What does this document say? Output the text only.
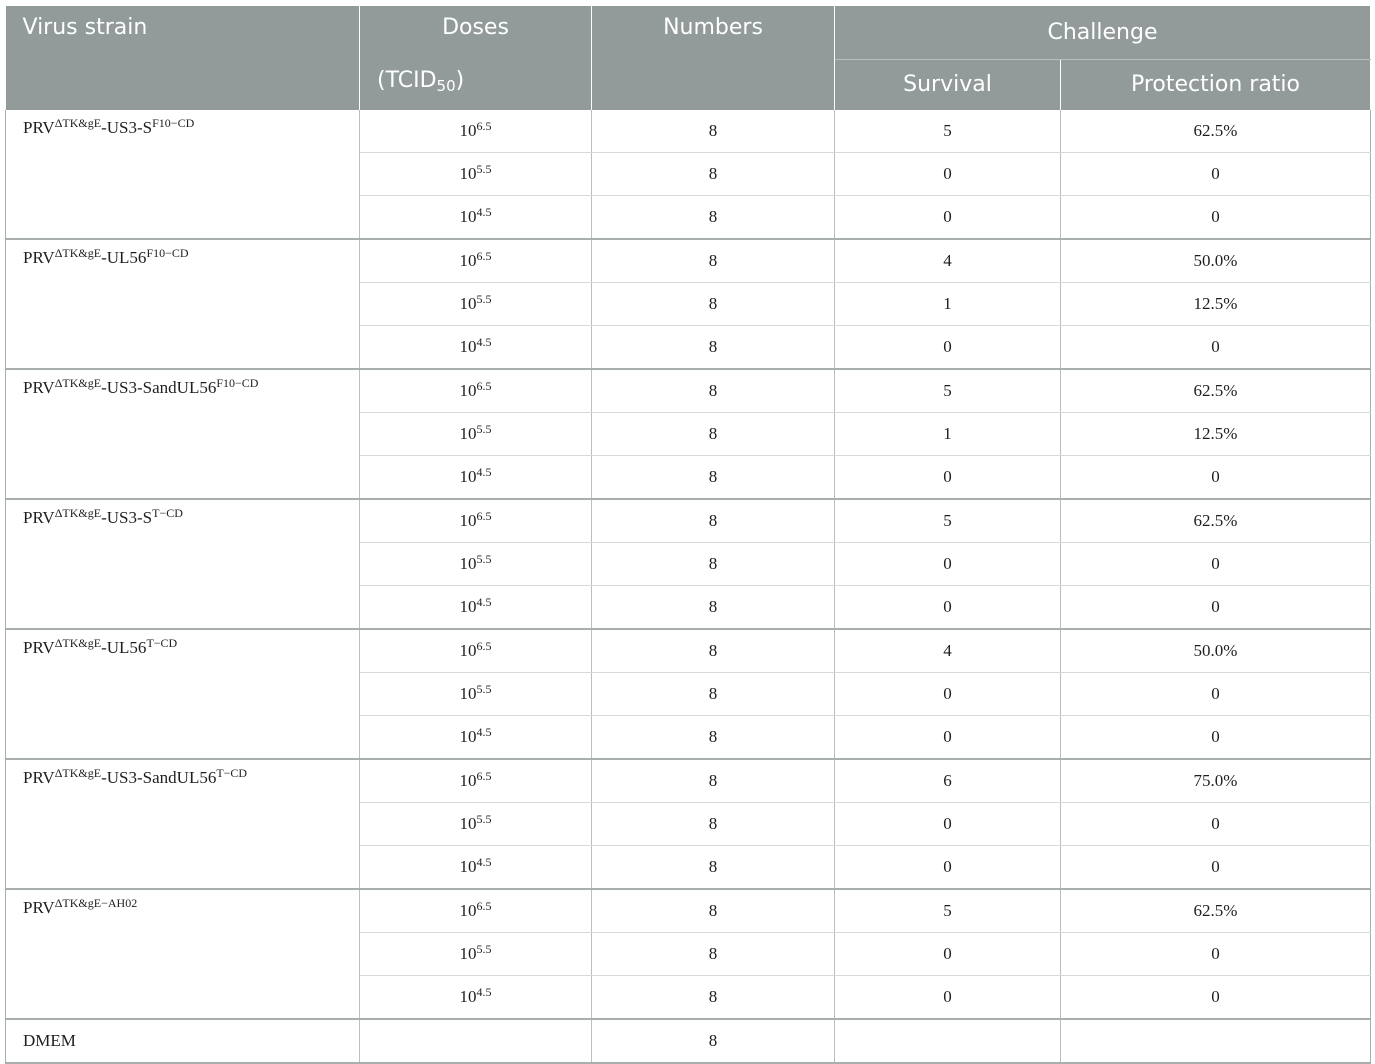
Virus strain	Doses	Numbers	Challenge	
	$(TCID_{50})$		Survival	Protection ratio
$PRV^{\Delta TK\&gE}-US3-S^{F10-CD}$	$10^{6.5}$	8	5	62.5%
	$10^{5.5}$	8	0	0
	$10^{4.5}$	8	0	0
$PRV^{\Delta TK\&gE}-UL56^{F10-CD}$	$10^{6.5}$	8	4	50.0%
	$10^{5.5}$	8	1	12.5%
	$10^{4.5}$	8	0	0
$PRV^{\Delta TK\&gE}-US3-SandUL56^{F10-CD}$	$10^{6.5}$	8	5	62.5%
	$10^{5.5}$	8	1	12.5%
	$10^{4.5}$	8	0	0
$PRV^{\Delta TK\&gE}-US3-S^{T-CD}$	$10^{6.5}$	8	5	62.5%
	$10^{5.5}$	8	0	0
	$10^{4.5}$	8	0	0
$PRV^{\Delta TK\&gE}-UL56^{T-CD}$	$10^{6.5}$	8	4	50.0%
	$10^{5.5}$	8	0	0
	$10^{4.5}$	8	0	0
$PRV^{\Delta TK\&gE}-US3-SandUL56^{T-CD}$	$10^{6.5}$	8	6	75.0%
	$10^{5.5}$	8	0	0
	$10^{4.5}$	8	0	0
$PRV^{\Delta TK\&gE-AH02}$	$10^{6.5}$	8	5	62.5%
	$10^{5.5}$	8	0	0
	$10^{4.5}$	8	0	0
DMEM		8		
